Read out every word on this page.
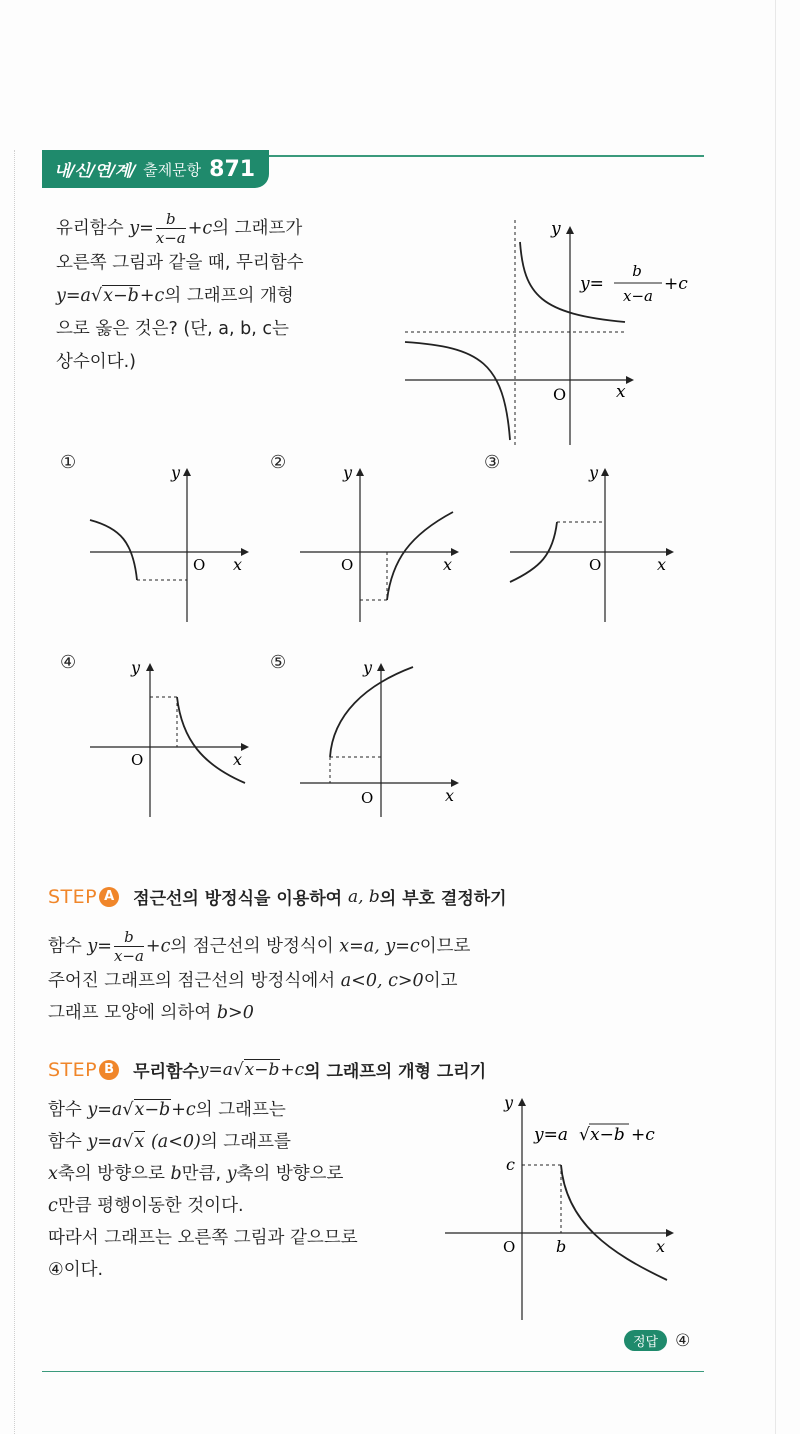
내/신/연/계/ 출제문항 871
유리함수 $y= \frac{b}{x-a} +c$의 그래프가
오른쪽 그림과 같을 때, 무리함수
y=a√x−b+c의 그래프의 개형
으로 옳은 것은? (단, a, b, c는
상수이다.)
y
x
O
y=
b
x−a
+c
①	y
x
O
②	y
x
O
③	y
x
O
④	y
x
O
⑤	y
x
O
STEP A 점근선의 방정식을 이용하여
a, b 의 부호 결정하기
함수 $y= \frac{b}{x-a} +c$의 점근선의 방정식이 x=a, y=c이므로
주어진 그래프의 점근선의 방정식에서 a<0, c>0이고
그래프 모양에 의하여 b>0
STEP B 무리함수 y=a √ x−b +c 의 그래프의 개형 그리기
함수 y=a√x−b+c의 그래프는
함수 y=a√x (a<0)의 그래프를
x축의 방향으로 b만큼, y축의 방향으로
c만큼 평행이동한 것이다.
따라서 그래프는 오른쪽 그림과 같으므로
④이다.
y
x
O
c
b
y=a √ x−b +c
정답	④
